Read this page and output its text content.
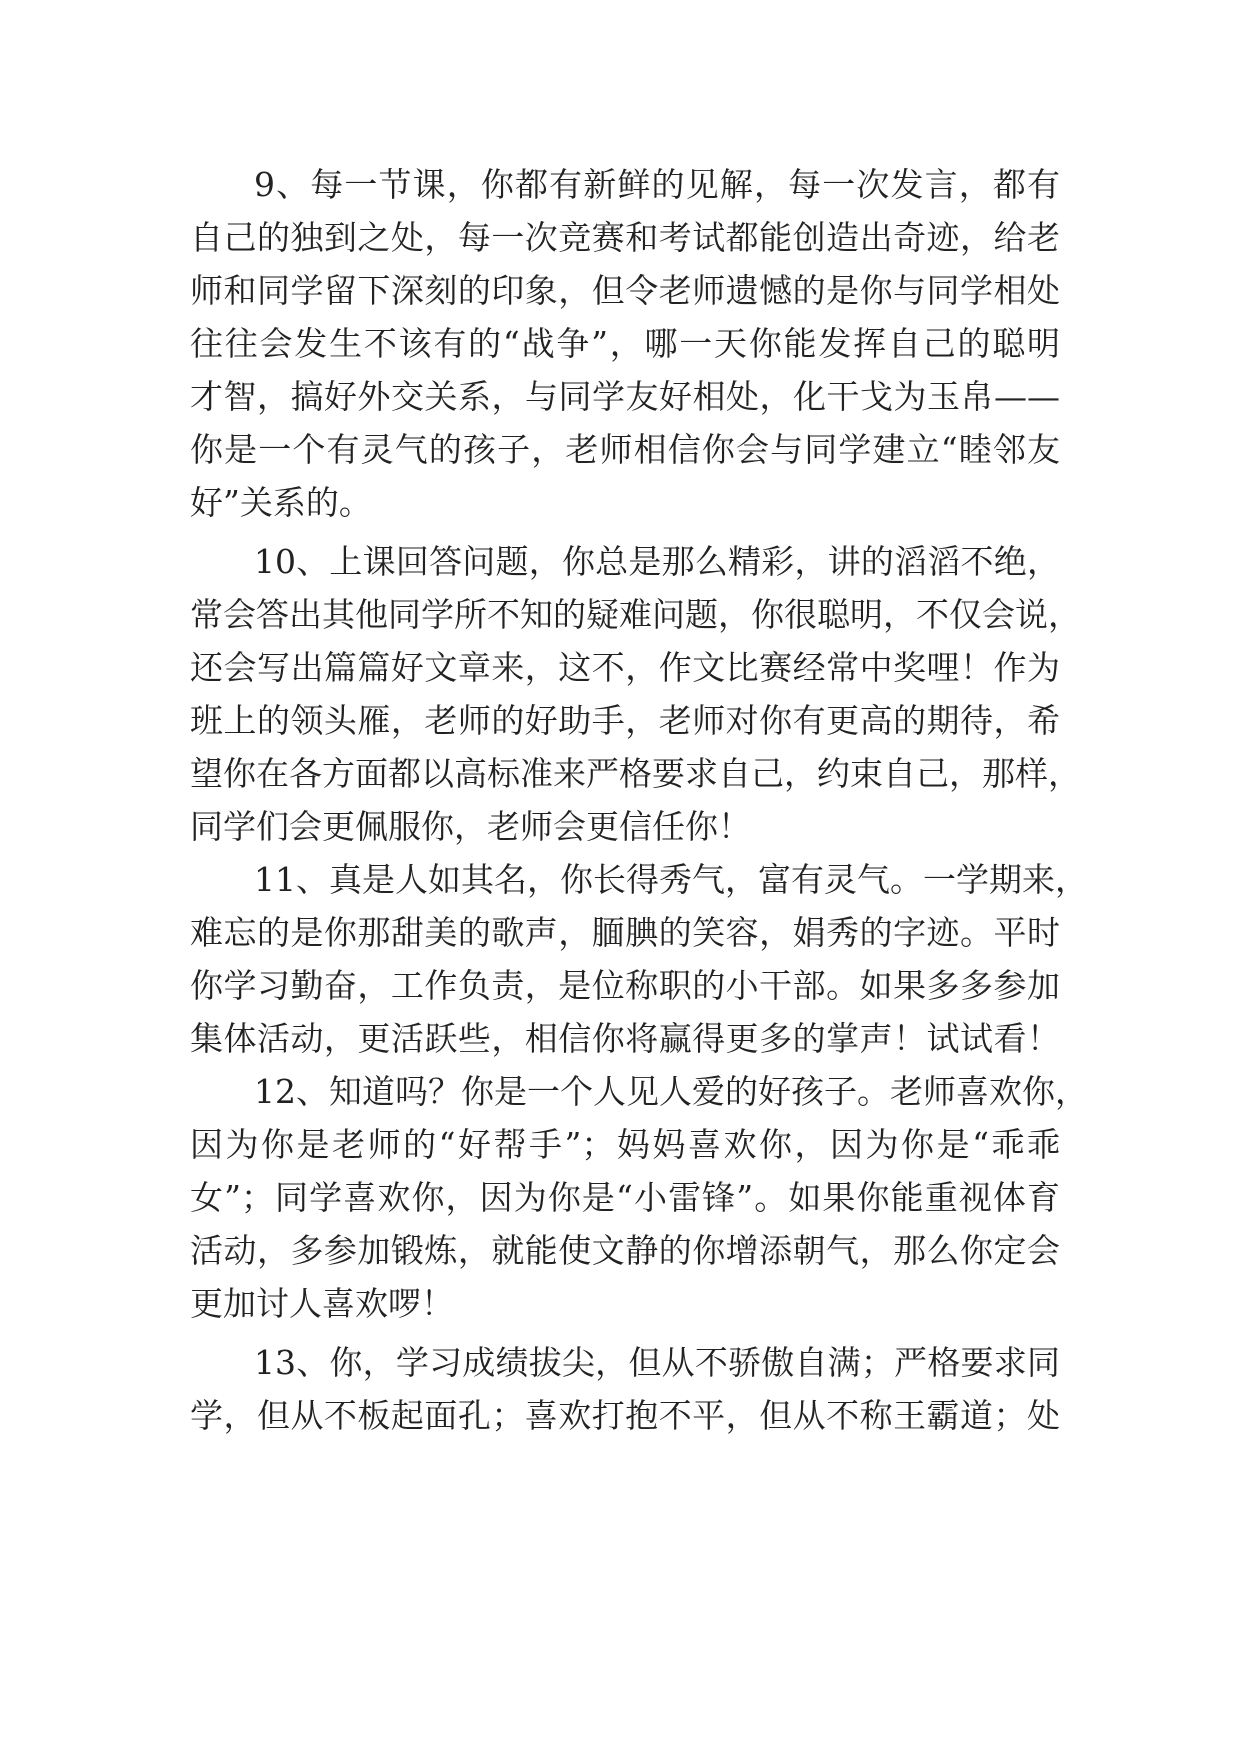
9、每一节课，你都有新鲜的见解，每一次发言，都有
自己的独到之处，每一次竞赛和考试都能创造出奇迹，给老
师和同学留下深刻的印象，但令老师遗憾的是你与同学相处
往往会发生不该有的“战争”，哪一天你能发挥自己的聪明
才智，搞好外交关系，与同学友好相处，化干戈为玉帛——
你是一个有灵气的孩子，老师相信你会与同学建立“睦邻友
好”关系的。
10、上课回答问题，你总是那么精彩，讲的滔滔不绝，
常会答出其他同学所不知的疑难问题，你很聪明，不仅会说，
还会写出篇篇好文章来，这不，作文比赛经常中奖哩！作为
班上的领头雁，老师的好助手，老师对你有更高的期待，希
望你在各方面都以高标准来严格要求自己，约束自己，那样，
同学们会更佩服你，老师会更信任你！
11、真是人如其名，你长得秀气，富有灵气。一学期来，
难忘的是你那甜美的歌声，腼腆的笑容，娟秀的字迹。平时
你学习勤奋，工作负责，是位称职的小干部。如果多多参加
集体活动，更活跃些，相信你将赢得更多的掌声！试试看！
12、知道吗？你是一个人见人爱的好孩子。老师喜欢你，
因为你是老师的“好帮手”；妈妈喜欢你，因为你是“乖乖
女”；同学喜欢你，因为你是“小雷锋”。如果你能重视体育
活动，多参加锻炼，就能使文静的你增添朝气，那么你定会
更加讨人喜欢啰！
13、你，学习成绩拔尖，但从不骄傲自满；严格要求同
学，但从不板起面孔；喜欢打抱不平，但从不称王霸道；处
